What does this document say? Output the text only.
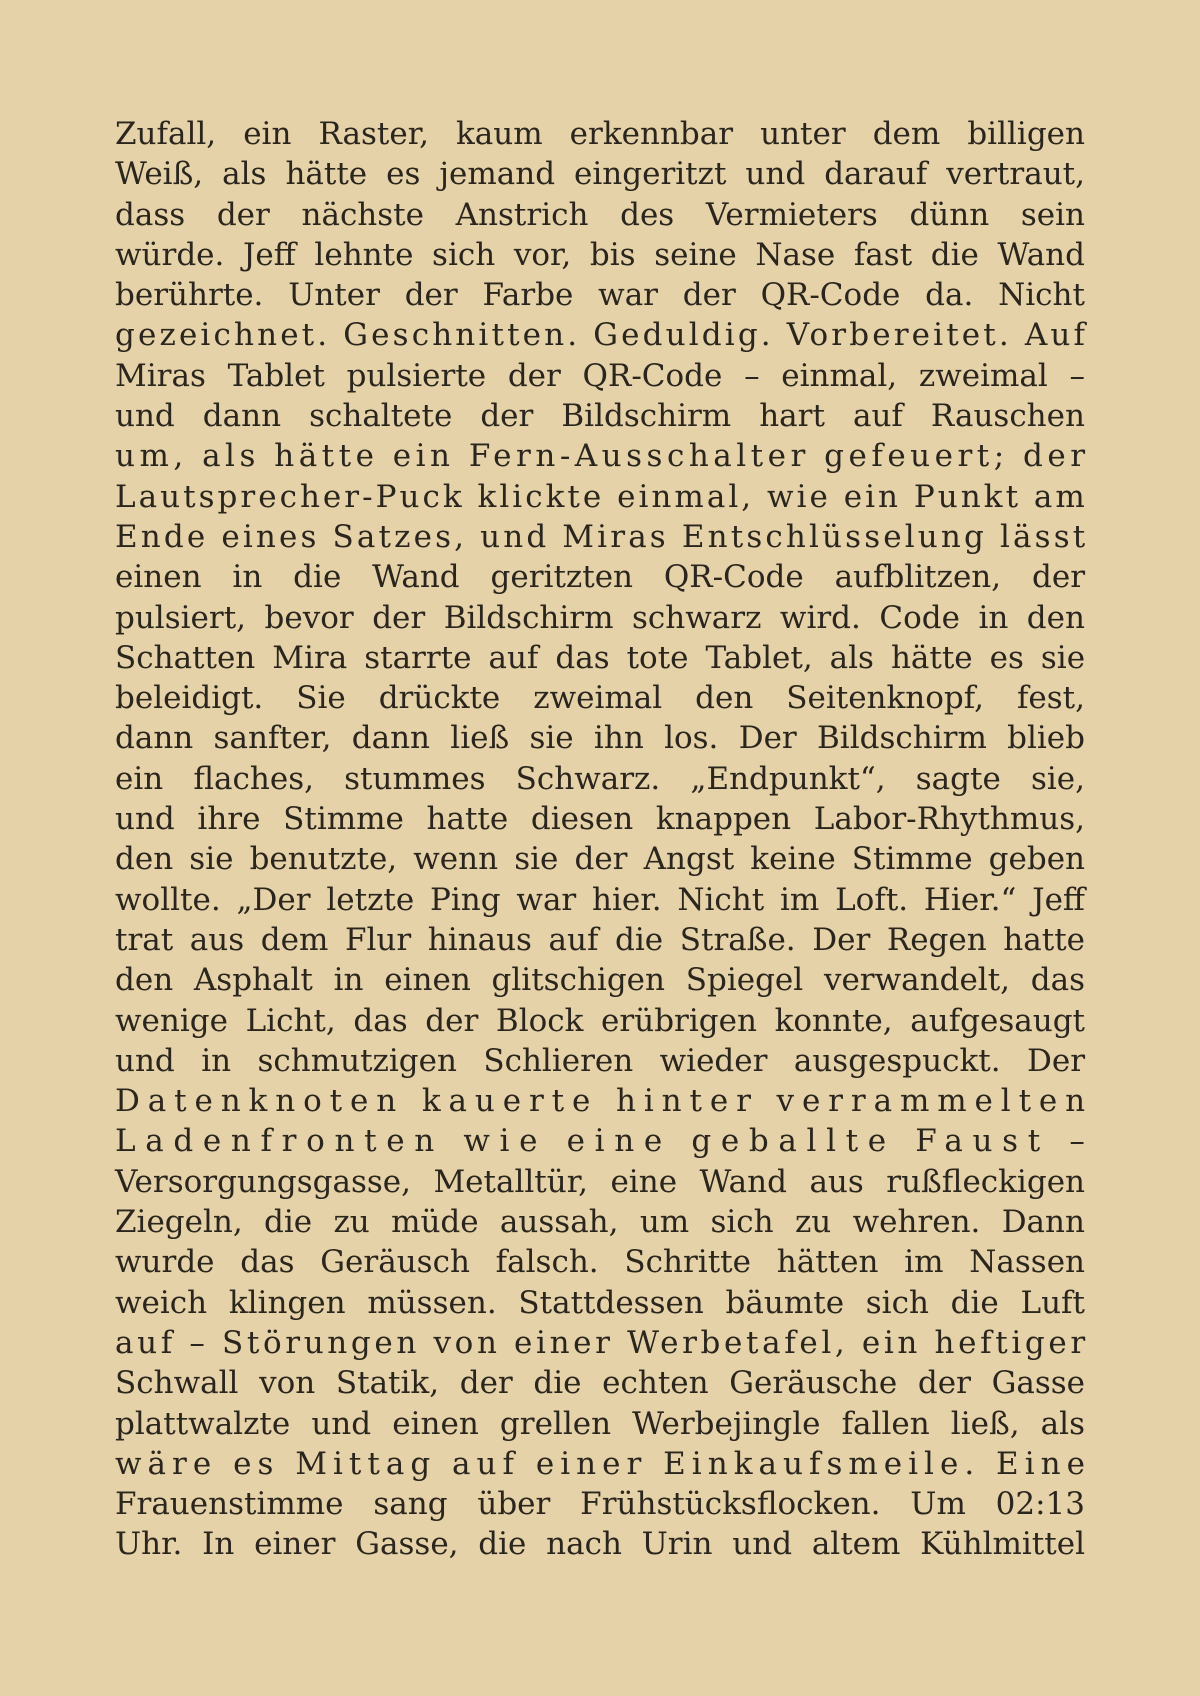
Zufall, ein Raster, kaum erkennbar unter dem billigen
Weiß, als hätte es jemand eingeritzt und darauf vertraut,
dass der nächste Anstrich des Vermieters dünn sein
würde. Jeff lehnte sich vor, bis seine Nase fast die Wand
berührte. Unter der Farbe war der QR-Code da. Nicht
gezeichnet. Geschnitten. Geduldig. Vorbereitet. Auf
Miras Tablet pulsierte der QR-Code – einmal, zweimal –
und dann schaltete der Bildschirm hart auf Rauschen
um, als hätte ein Fern-Ausschalter gefeuert; der
Lautsprecher-Puck klickte einmal, wie ein Punkt am
Ende eines Satzes, und Miras Entschlüsselung lässt
einen in die Wand geritzten QR-Code aufblitzen, der
pulsiert, bevor der Bildschirm schwarz wird. Code in den
Schatten Mira starrte auf das tote Tablet, als hätte es sie
beleidigt. Sie drückte zweimal den Seitenknopf, fest,
dann sanfter, dann ließ sie ihn los. Der Bildschirm blieb
ein flaches, stummes Schwarz. „Endpunkt“, sagte sie,
und ihre Stimme hatte diesen knappen Labor-Rhythmus,
den sie benutzte, wenn sie der Angst keine Stimme geben
wollte. „Der letzte Ping war hier. Nicht im Loft. Hier.“ Jeff
trat aus dem Flur hinaus auf die Straße. Der Regen hatte
den Asphalt in einen glitschigen Spiegel verwandelt, das
wenige Licht, das der Block erübrigen konnte, aufgesaugt
und in schmutzigen Schlieren wieder ausgespuckt. Der
Datenknoten kauerte hinter verrammelten
Ladenfronten wie eine geballte Faust –
Versorgungsgasse, Metalltür, eine Wand aus rußfleckigen
Ziegeln, die zu müde aussah, um sich zu wehren. Dann
wurde das Geräusch falsch. Schritte hätten im Nassen
weich klingen müssen. Stattdessen bäumte sich die Luft
auf – Störungen von einer Werbetafel, ein heftiger
Schwall von Statik, der die echten Geräusche der Gasse
plattwalzte und einen grellen Werbejingle fallen ließ, als
wäre es Mittag auf einer Einkaufsmeile. Eine
Frauenstimme sang über Frühstücksflocken. Um 02:13
Uhr. In einer Gasse, die nach Urin und altem Kühlmittel
